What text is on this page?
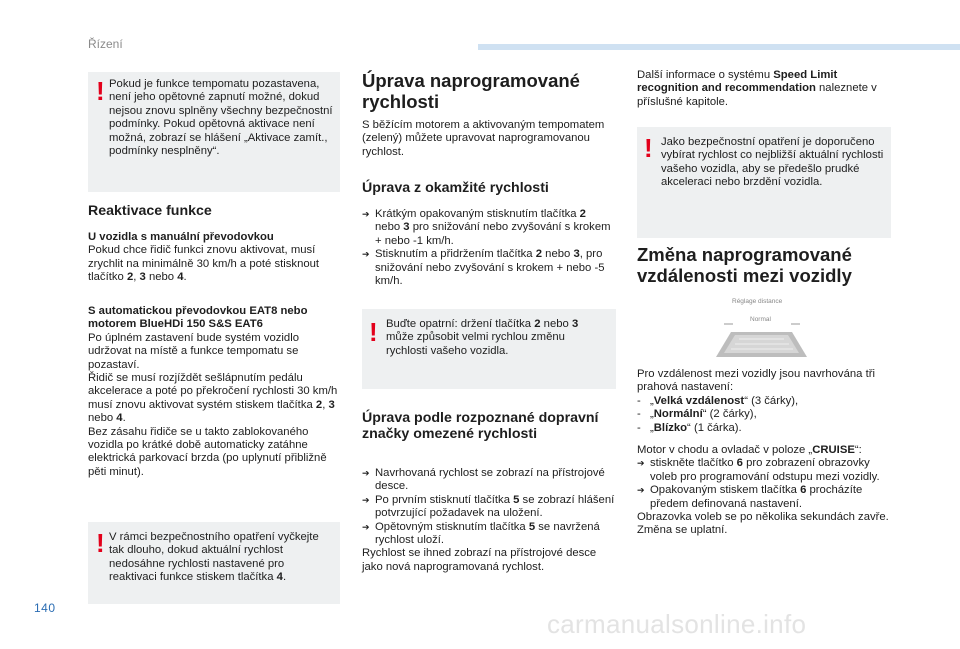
Řízení
! Pokud je funkce tempomatu pozastavena, není jeho opětovné zapnutí možné, dokud nejsou znovu splněny všechny bezpečnostní podmínky. Pokud opětovná aktivace není možná, zobrazí se hlášení „Aktivace zamít., podmínky nesplněny“.

Reaktivace funkce

U vozidla s manuální převodovkou

Pokud chce řidič funkci znovu aktivovat, musí zrychlit na minimálně 30 km/h a poté stisknout tlačítko 2, 3 nebo 4.

S automatickou převodovkou EAT8 nebo motorem BlueHDi 150 S&S EAT6

Po úplném zastavení bude systém vozidlo udržovat na místě a funkce tempomatu se pozastaví.

Řidič se musí rozjíždět sešlápnutím pedálu akcelerace a poté po překročení rychlosti 30 km/h musí znovu aktivovat systém stiskem tlačítka 2, 3 nebo 4.

Bez zásahu řidiče se u takto zablokovaného vozidla po krátké době automaticky zatáhne elektrická parkovací brzda (po uplynutí přibližně pěti minut).

! V rámci bezpečnostního opatření vyčkejte tak dlouho, dokud aktuální rychlost nedosáhne rychlosti nastavené pro reaktivaci funkce stiskem tlačítka 4.

Úprava naprogramované rychlosti

S běžícím motorem a aktivovaným tempomatem (zelený) můžete upravovat naprogramovanou rychlost.

Úprava z okamžité rychlosti
➔ Krátkým opakovaným stisknutím tlačítka 2 nebo 3 pro snižování nebo zvyšování s krokem + nebo -1 km/h.
➔ Stisknutím a přidržením tlačítka 2 nebo 3, pro snižování nebo zvyšování s krokem + nebo -5 km/h.
! Buďte opatrní: držení tlačítka 2 nebo 3 může způsobit velmi rychlou změnu rychlosti vašeho vozidla.

Úprava podle rozpoznané dopravní značky omezené rychlosti
➔ Navrhovaná rychlost se zobrazí na přístrojové desce.
➔ Po prvním stisknutí tlačítka 5 se zobrazí hlášení potvrzující požadavek na uložení.
➔ Opětovným stisknutím tlačítka 5 se navržená rychlost uloží.

Rychlost se ihned zobrazí na přístrojové desce jako nová naprogramovaná rychlost.

Další informace o systému Speed Limit recognition and recommendation naleznete v příslušné kapitole.

! Jako bezpečnostní opatření je doporučeno vybírat rychlost co nejbližší aktuální rychlosti vašeho vozidla, aby se předešlo prudké akceleraci nebo brzdění vozidla.

Změna naprogramované vzdálenosti mezi vozidly
Réglage distance
Normal

Pro vzdálenost mezi vozidly jsou navrhována tři prahová nastavení:

- „Velká vzdálenost“ (3 čárky),
- „Normální“ (2 čárky),
- „Blízko“ (1 čárka).

Motor v chodu a ovladač v poloze „CRUISE“:

➔ stiskněte tlačítko 6 pro zobrazení obrazovky voleb pro programování odstupu mezi vozidly.
➔ Opakovaným stiskem tlačítka 6 procházíte předem definovaná nastavení.

Obrazovka voleb se po několika sekundách zavře.

Změna se uplatní.

140
carmanualsonline.info
